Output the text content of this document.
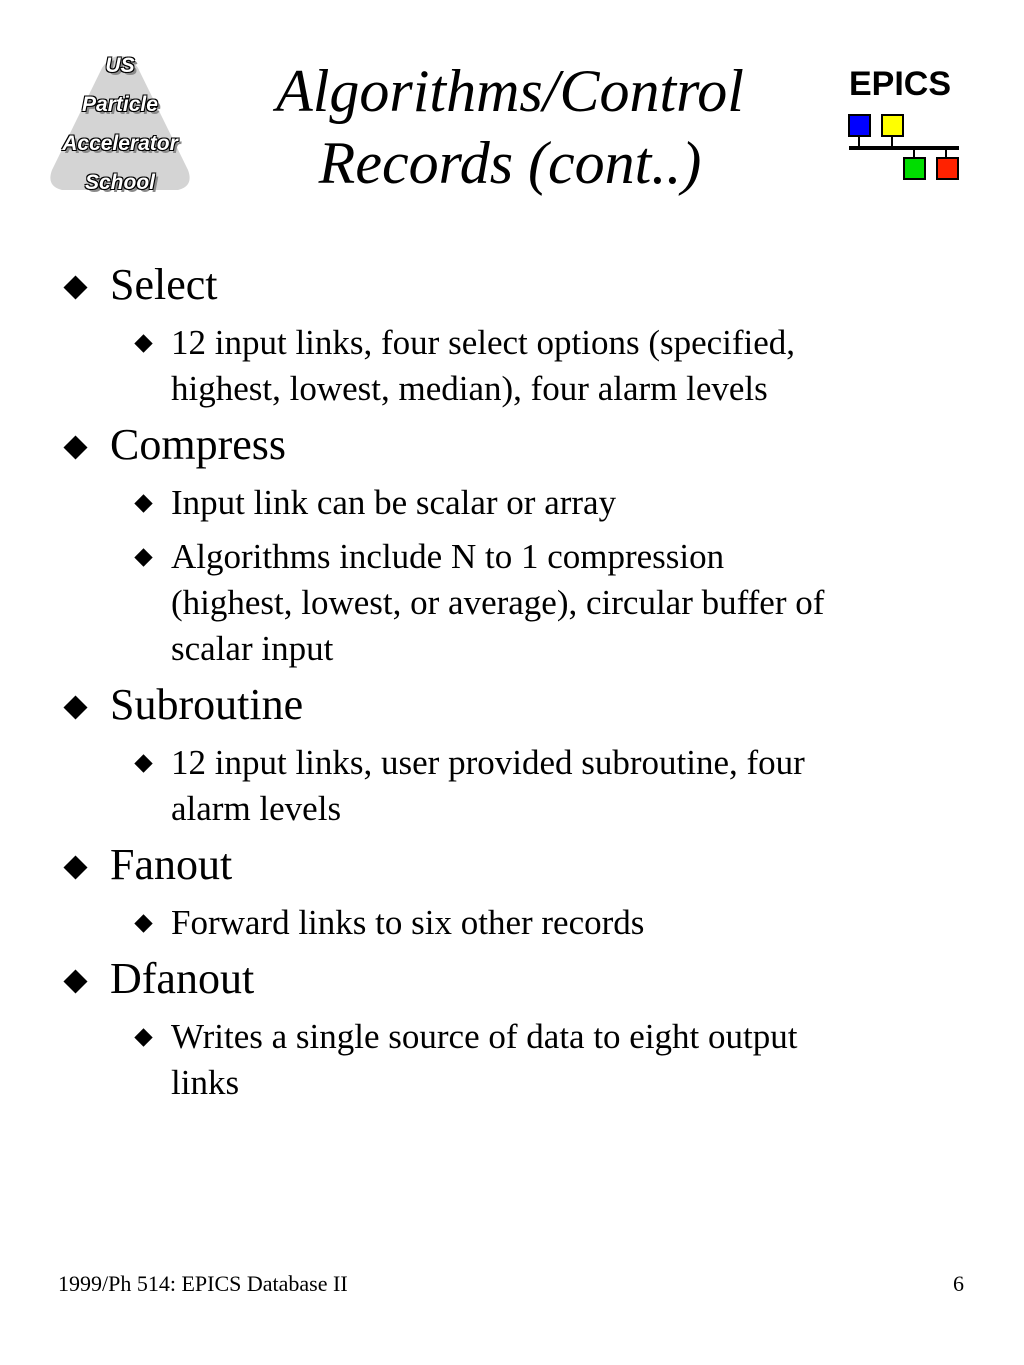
US
Particle
Accelerator
School
Algorithms/Control
Records (cont..)
EPICS
Select
12 input links, four select options (specified,
highest, lowest, median), four alarm levels
Compress
Input link can be scalar or array
Algorithms include N to 1 compression
(highest, lowest, or average), circular buffer of
scalar input
Subroutine
12 input links, user provided subroutine, four
alarm levels
Fanout
Forward links to six other records
Dfanout
Writes a single source of data to eight output
links
1999/Ph 514: EPICS Database II	6
